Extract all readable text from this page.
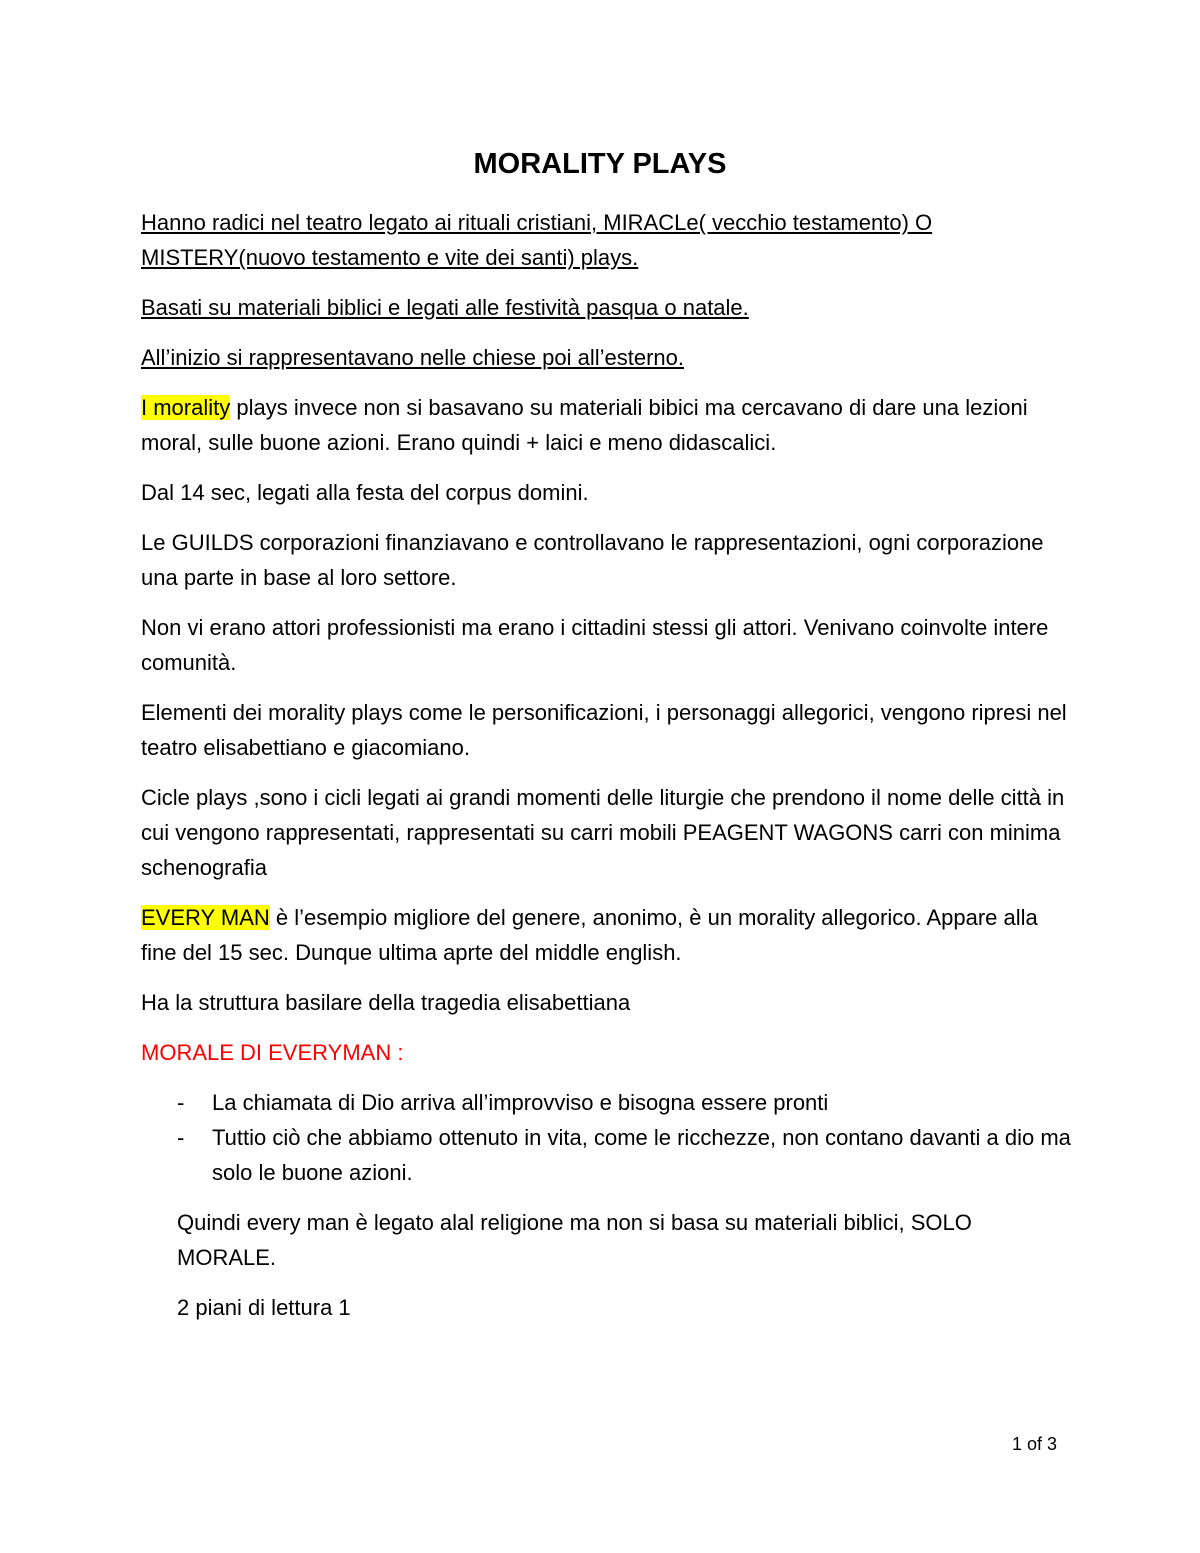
MORALITY PLAYS

Hanno radici nel teatro legato ai rituali cristiani, MIRACLe( vecchio testamento) O MISTERY(nuovo testamento e vite dei santi) plays.

Basati su materiali biblici e legati alle festività pasqua o natale.

All’inizio si rappresentavano nelle chiese poi all’esterno.

I morality plays invece non si basavano su materiali bibici ma cercavano di dare una lezioni moral, sulle buone azioni. Erano quindi + laici e meno didascalici.

Dal 14 sec, legati alla festa del corpus domini.

Le GUILDS corporazioni finanziavano e controllavano le rappresentazioni, ogni corporazione una parte in base al loro settore.

Non vi erano attori professionisti ma erano i cittadini stessi gli attori. Venivano coinvolte intere comunità.

Elementi dei morality plays come le personificazioni, i personaggi allegorici, vengono ripresi nel teatro elisabettiano e giacomiano.

Cicle plays ,sono i cicli legati ai grandi momenti delle liturgie che prendono il nome delle città in cui vengono rappresentati, rappresentati su carri mobili PEAGENT WAGONS carri con minima schenografia

EVERY MAN è l’esempio migliore del genere, anonimo, è un morality allegorico. Appare alla fine del 15 sec. Dunque ultima aprte del middle english.

Ha la struttura basilare della tragedia elisabettiana

MORALE DI EVERYMAN :

- La chiamata di Dio arriva all’improvviso e bisogna essere pronti
- Tuttio ciò che abbiamo ottenuto in vita, come le ricchezze, non contano davanti a dio ma solo le buone azioni.

Quindi every man è legato alal religione ma non si basa su materiali biblici, SOLO MORALE.

2 piani di lettura 1

1 of 3
